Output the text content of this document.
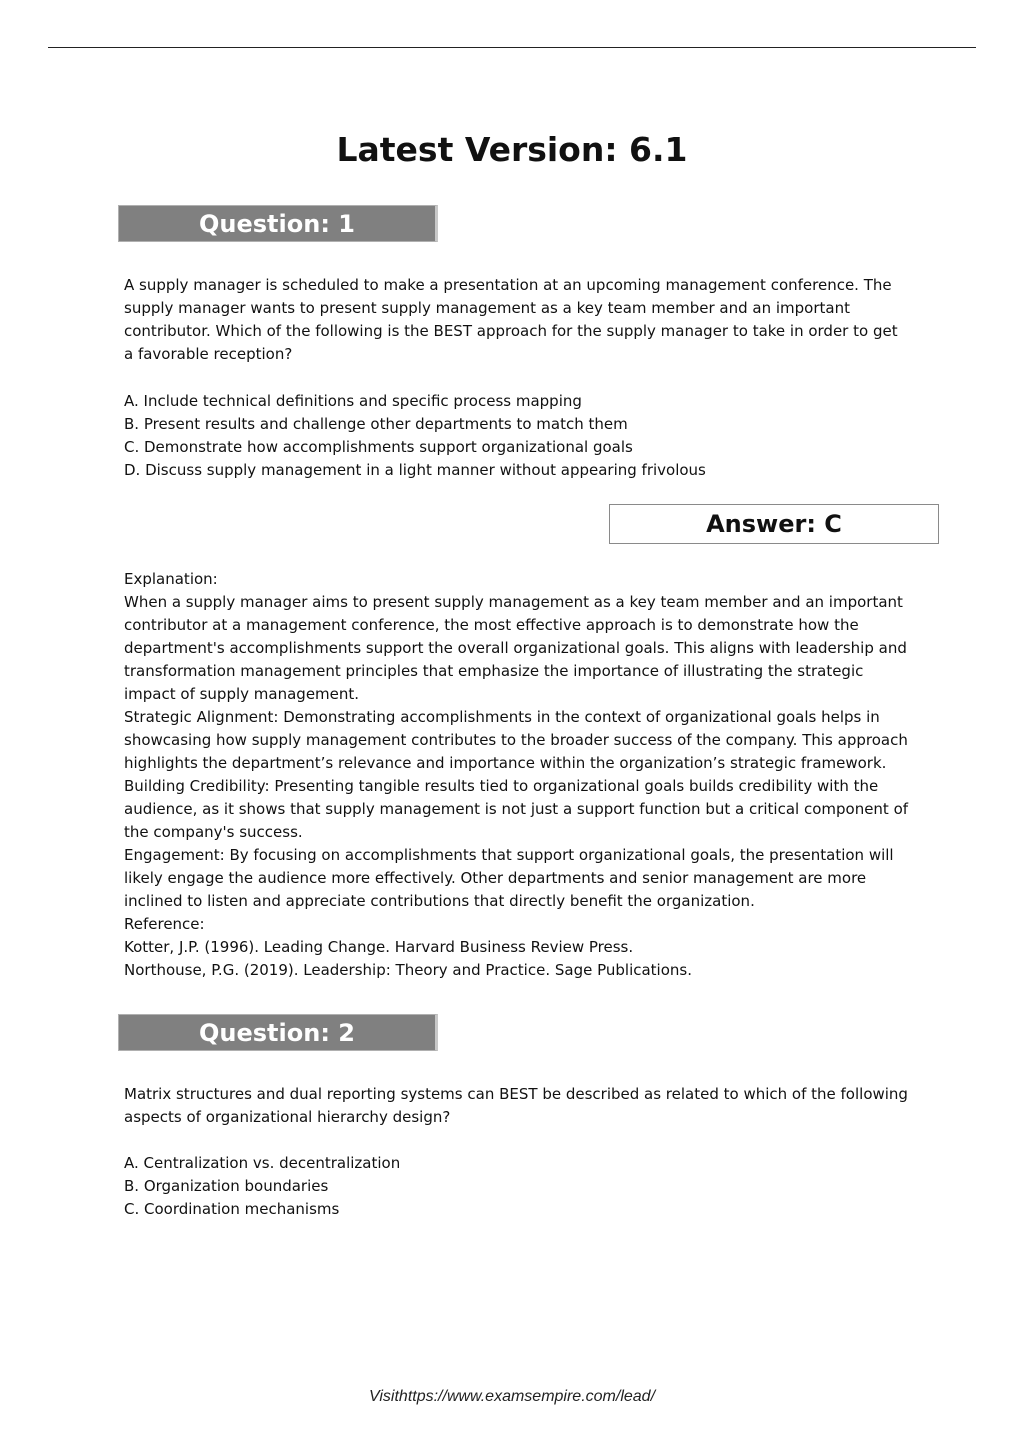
Latest Version: 6.1
Question: 1
A supply manager is scheduled to make a presentation at an upcoming management conference. The
supply manager wants to present supply management as a key team member and an important
contributor. Which of the following is the BEST approach for the supply manager to take in order to get
a favorable reception?
A. Include technical definitions and specific process mapping
B. Present results and challenge other departments to match them
C. Demonstrate how accomplishments support organizational goals
D. Discuss supply management in a light manner without appearing frivolous
Answer: C
Explanation:
When a supply manager aims to present supply management as a key team member and an important
contributor at a management conference, the most effective approach is to demonstrate how the
department's accomplishments support the overall organizational goals. This aligns with leadership and
transformation management principles that emphasize the importance of illustrating the strategic
impact of supply management.
Strategic Alignment: Demonstrating accomplishments in the context of organizational goals helps in
showcasing how supply management contributes to the broader success of the company. This approach
highlights the department’s relevance and importance within the organization’s strategic framework.
Building Credibility: Presenting tangible results tied to organizational goals builds credibility with the
audience, as it shows that supply management is not just a support function but a critical component of
the company's success.
Engagement: By focusing on accomplishments that support organizational goals, the presentation will
likely engage the audience more effectively. Other departments and senior management are more
inclined to listen and appreciate contributions that directly benefit the organization.
Reference:
Kotter, J.P. (1996). Leading Change. Harvard Business Review Press.
Northouse, P.G. (2019). Leadership: Theory and Practice. Sage Publications.
Question: 2
Matrix structures and dual reporting systems can BEST be described as related to which of the following
aspects of organizational hierarchy design?
A. Centralization vs. decentralization
B. Organization boundaries
C. Coordination mechanisms
Visithttps://www.examsempire.com/lead/
